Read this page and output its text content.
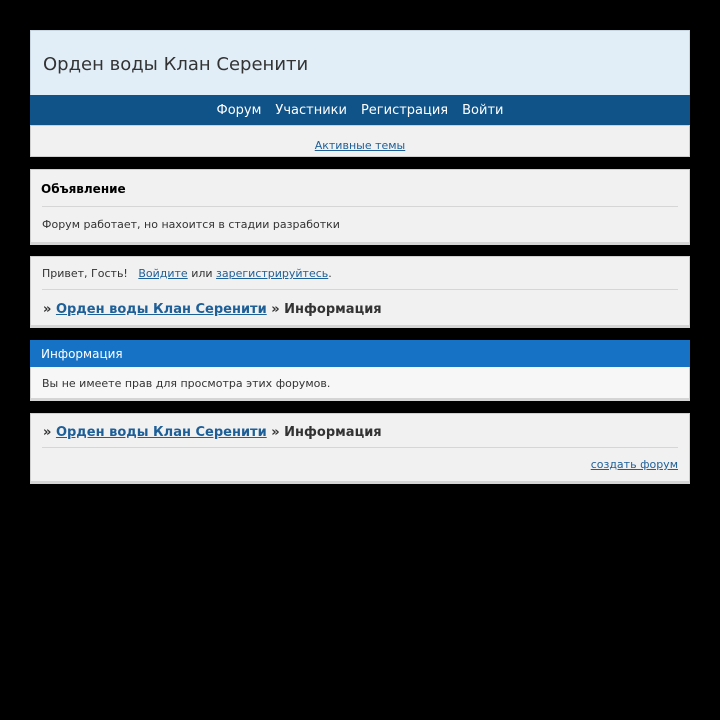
Орден воды Клан Серенити
Форум Участники Регистрация Войти
Активные темы
Объявление
Форум работает, но нахоится в стадии разработки
Привет, Гость! Войдите или зарегистрируйтесь.
» Орден воды Клан Серенити » Информация
Информация
Вы не имеете прав для просмотра этих форумов.
» Орден воды Клан Серенити » Информация
создать форум
